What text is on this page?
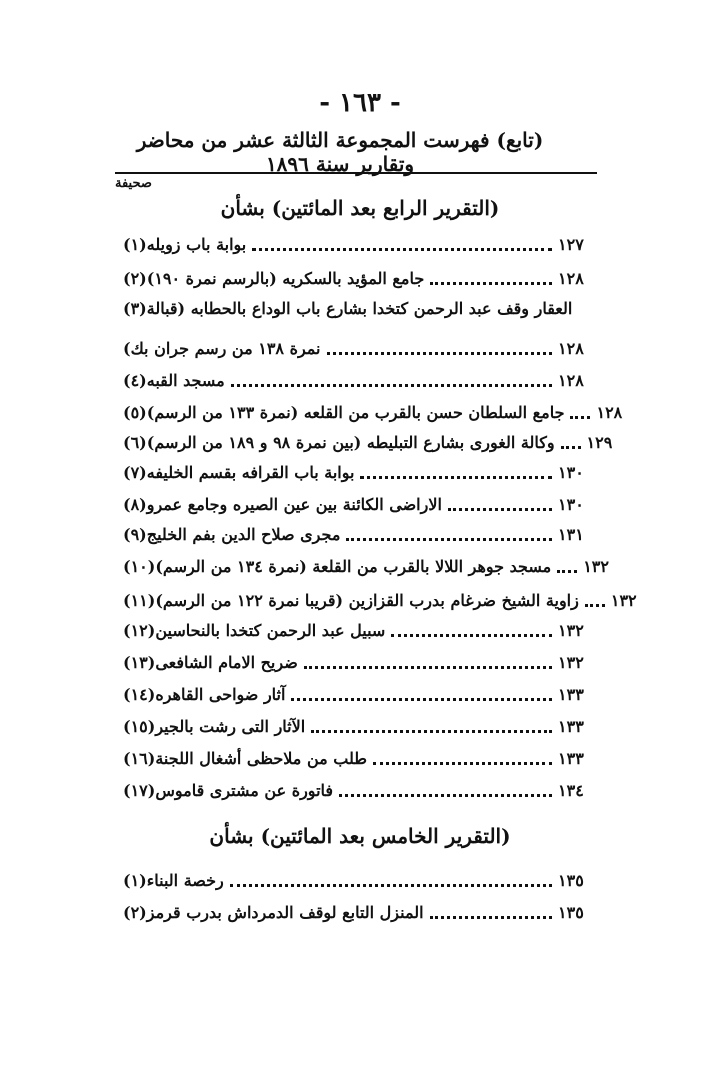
- ١٦٣ -
(تابع) فهرست المجموعة الثالثة عشر من محاضر وتقارير سنة ١٨٩٦
صحيفة
(التقرير الرابع بعد المائتين) بشأن
(١) بوابة باب زويله	١٢٧
(٢) جامع المؤيد بالسكريه (بالرسم نمرة ١٩٠)	١٢٨
(٣) العقار وقف عبد الرحمن كتخدا بشارع باب الوداع بالحطابه (قبالة
نمرة ١٣٨ من رسم جران بك)	١٢٨
(٤) مسجد القبه	١٢٨
(٥) جامع السلطان حسن بالقرب من القلعه (نمرة ١٣٣ من الرسم) ١٢٨
(٦) وكالة الغورى بشارع التبليطه (بين نمرة ٩٨ و ١٨٩ من الرسم) ١٢٩
(٧) بوابة باب القرافه بقسم الخليفه	١٣٠
(٨) الاراضى الكائنة بين عين الصيره وجامع عمرو	١٣٠
(٩) مجرى صلاح الدين بفم الخليج	١٣١
(١٠) مسجد جوهر اللالا بالقرب من القلعة (نمرة ١٣٤ من الرسم) ١٣٢
(١١) زاوية الشيخ ضرغام بدرب القزازين (قريبا نمرة ١٢٢ من الرسم) ١٣٢
(١٢) سبيل عبد الرحمن كتخدا بالنحاسين	١٣٢
(١٣) ضريح الامام الشافعى	١٣٢
(١٤) آثار ضواحى القاهره	١٣٣
(١٥) الآثار التى رشت بالجير	١٣٣
(١٦) طلب من ملاحظى أشغال اللجنة	١٣٣
(١٧) فاتورة عن مشترى قاموس	١٣٤
(التقرير الخامس بعد المائتين) بشأن
(١) رخصة البناء	١٣٥
(٢) المنزل التابع لوقف الدمرداش بدرب قرمز	١٣٥
